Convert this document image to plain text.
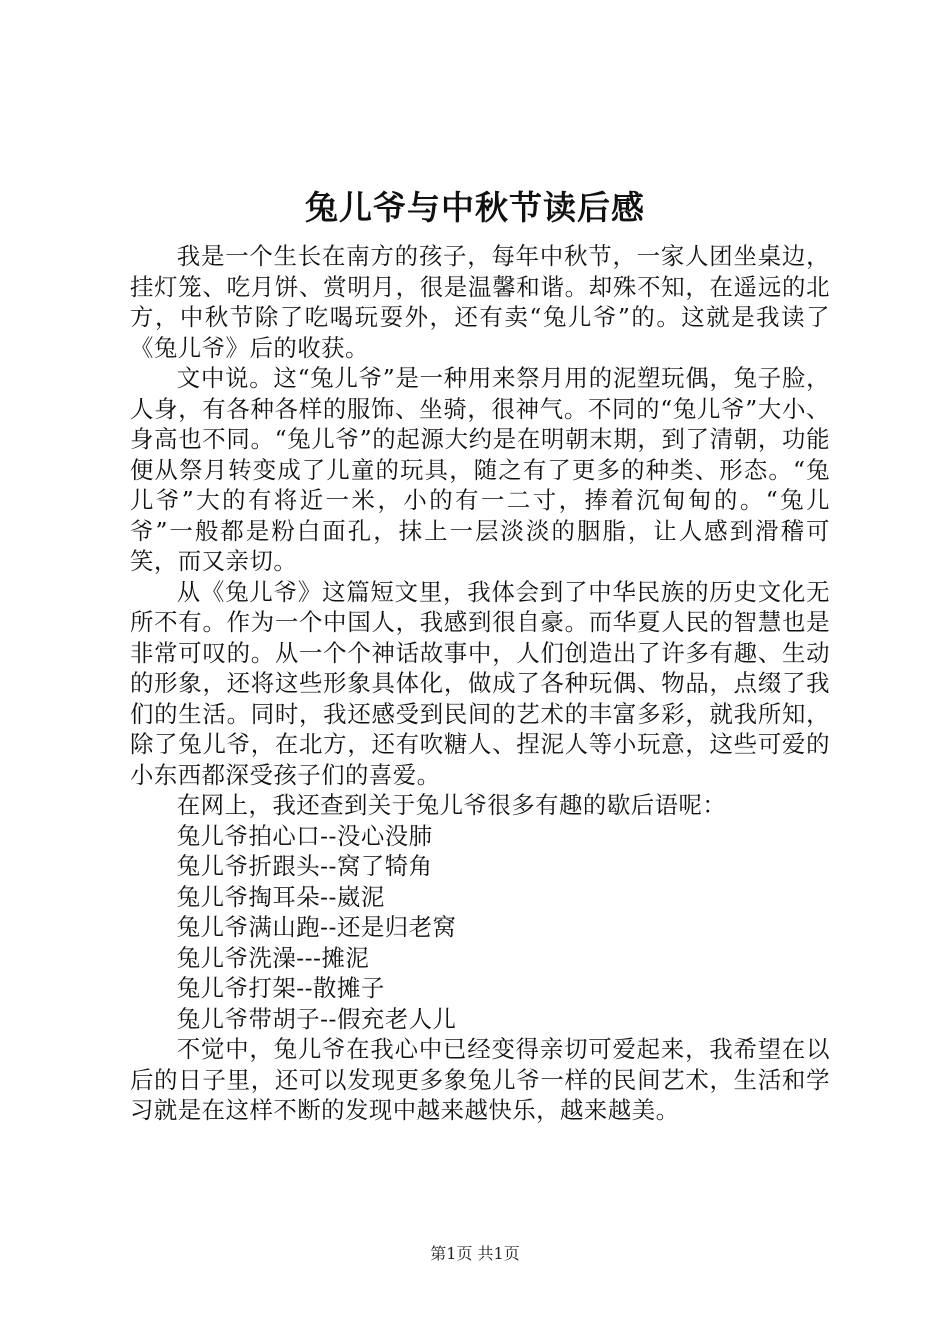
兔儿爷与中秋节读后感

我是一个生长在南方的孩子，每年中秋节，一家人团坐桌边，挂灯笼、吃月饼、赏明月，很是温馨和谐。却殊不知，在遥远的北方，中秋节除了吃喝玩耍外，还有卖“兔儿爷”的。这就是我读了《兔儿爷》后的收获。

文中说。这“兔儿爷”是一种用来祭月用的泥塑玩偶，兔子脸，人身，有各种各样的服饰、坐骑，很神气。不同的“兔儿爷”大小、身高也不同。“兔儿爷”的起源大约是在明朝末期，到了清朝，功能便从祭月转变成了儿童的玩具，随之有了更多的种类、形态。“兔儿爷”大的有将近一米，小的有一二寸，捧着沉甸甸的。“兔儿爷”一般都是粉白面孔，抹上一层淡淡的胭脂，让人感到滑稽可笑，而又亲切。

从《兔儿爷》这篇短文里，我体会到了中华民族的历史文化无所不有。作为一个中国人，我感到很自豪。而华夏人民的智慧也是非常可叹的。从一个个神话故事中，人们创造出了许多有趣、生动的形象，还将这些形象具体化，做成了各种玩偶、物品，点缀了我们的生活。同时，我还感受到民间的艺术的丰富多彩，就我所知，除了兔儿爷，在北方，还有吹糖人、捏泥人等小玩意，这些可爱的小东西都深受孩子们的喜爱。

在网上，我还查到关于兔儿爷很多有趣的歇后语呢：

兔儿爷拍心口--没心没肺

兔儿爷折跟头--窝了犄角

兔儿爷掏耳朵--崴泥

兔儿爷满山跑--还是归老窝

兔儿爷洗澡---摊泥

兔儿爷打架--散摊子

兔儿爷带胡子--假充老人儿

不觉中，兔儿爷在我心中已经变得亲切可爱起来，我希望在以后的日子里，还可以发现更多象兔儿爷一样的民间艺术，生活和学习就是在这样不断的发现中越来越快乐，越来越美。

第1页 共1页
